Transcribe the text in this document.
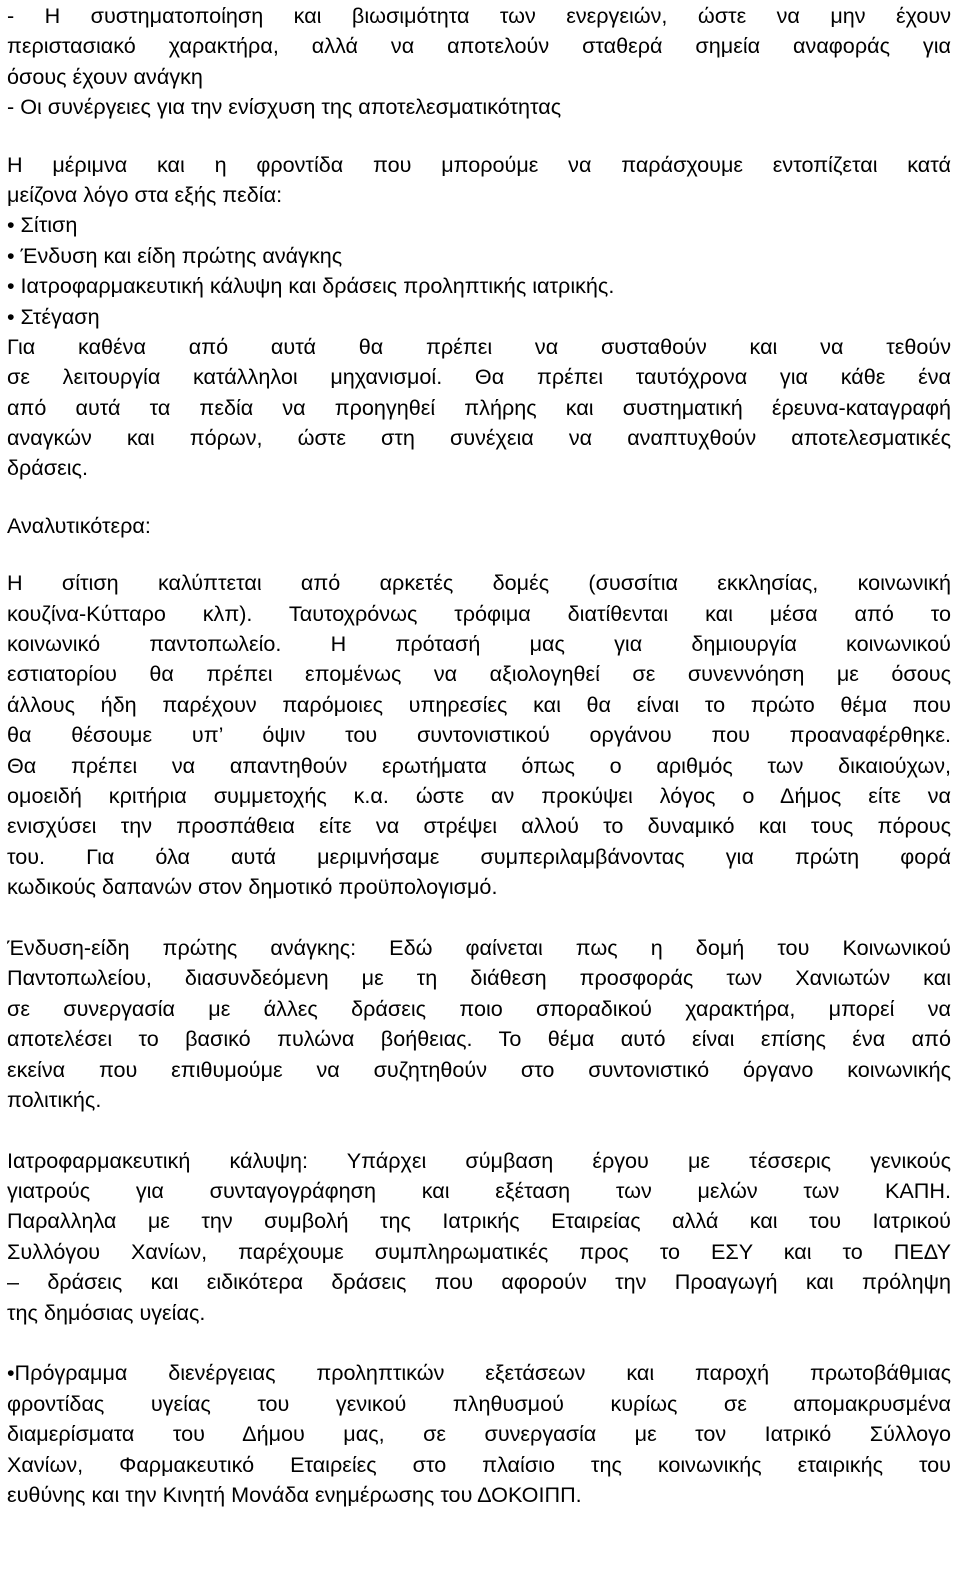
- Η συστηματοποίηση και βιωσιμότητα των ενεργειών, ώστε να μην έχουν
περιστασιακό χαρακτήρα, αλλά να αποτελούν σταθερά σημεία αναφοράς για
όσους έχουν ανάγκη
- Οι συνέργειες για την ενίσχυση της αποτελεσματικότητας
Η μέριμνα και η φροντίδα που μπορούμε να παράσχουμε εντοπίζεται κατά
μείζονα λόγο στα εξής πεδία:
• Σίτιση
• Ένδυση και είδη πρώτης ανάγκης
• Ιατροφαρμακευτική κάλυψη και δράσεις προληπτικής ιατρικής.
• Στέγαση
Για καθένα από αυτά θα πρέπει να συσταθούν και να τεθούν
σε λειτουργία κατάλληλοι μηχανισμοί. Θα πρέπει ταυτόχρονα για κάθε ένα
από αυτά τα πεδία να προηγηθεί πλήρης και συστηματική έρευνα-καταγραφή
αναγκών και πόρων, ώστε στη συνέχεια να αναπτυχθούν αποτελεσματικές
δράσεις.
Αναλυτικότερα:
Η σίτιση καλύπτεται από αρκετές δομές (συσσίτια εκκλησίας, κοινωνική
κουζίνα-Κύτταρο κλπ). Ταυτοχρόνως τρόφιμα διατίθενται και μέσα από το
κοινωνικό παντοπωλείο. Η πρότασή μας για δημιουργία κοινωνικού
εστιατορίου θα πρέπει επομένως να αξιολογηθεί σε συνεννόηση με όσους
άλλους ήδη παρέχουν παρόμοιες υπηρεσίες και θα είναι το πρώτο θέμα που
θα θέσουμε υπ’ όψιν του συντονιστικού οργάνου που προαναφέρθηκε.
Θα πρέπει να απαντηθούν ερωτήματα όπως ο αριθμός των δικαιούχων,
ομοειδή κριτήρια συμμετοχής κ.α. ώστε αν προκύψει λόγος ο Δήμος είτε να
ενισχύσει την προσπάθεια είτε να στρέψει αλλού το δυναμικό και τους πόρους
του. Για όλα αυτά μεριμνήσαμε συμπεριλαμβάνοντας για πρώτη φορά
κωδικούς δαπανών στον δημοτικό προϋπολογισμό.
Ένδυση-είδη πρώτης ανάγκης: Εδώ φαίνεται πως η δομή του Κοινωνικού
Παντοπωλείου, διασυνδεόμενη με τη διάθεση προσφοράς των Χανιωτών και
σε συνεργασία με άλλες δράσεις ποιο σποραδικού χαρακτήρα, μπορεί να
αποτελέσει το βασικό πυλώνα βοήθειας. Το θέμα αυτό είναι επίσης ένα από
εκείνα που επιθυμούμε να συζητηθούν στο συντονιστικό όργανο κοινωνικής
πολιτικής.
Ιατροφαρμακευτική κάλυψη: Υπάρχει σύμβαση έργου με τέσσερις γενικούς
γιατρούς για συνταγογράφηση και εξέταση των μελών των ΚΑΠΗ.
Παραλληλα με την συμβολή της Ιατρικής Εταιρείας αλλά και του Ιατρικού
Συλλόγου Χανίων, παρέχουμε συμπληρωματικές προς το ΕΣΥ και το ΠΕΔΥ
– δράσεις και ειδικότερα δράσεις που αφορούν την Προαγωγή και πρόληψη
της δημόσιας υγείας.
•Πρόγραμμα διενέργειας προληπτικών εξετάσεων και παροχή πρωτοβάθμιας
φροντίδας υγείας του γενικού πληθυσμού κυρίως σε απομακρυσμένα
διαμερίσματα του Δήμου μας, σε συνεργασία με τον Ιατρικό Σύλλογο
Χανίων, Φαρμακευτικό Εταιρείες στο πλαίσιο της κοινωνικής εταιρικής του
ευθύνης και την Κινητή Μονάδα ενημέρωσης του ΔΟΚΟΙΠΠ.
